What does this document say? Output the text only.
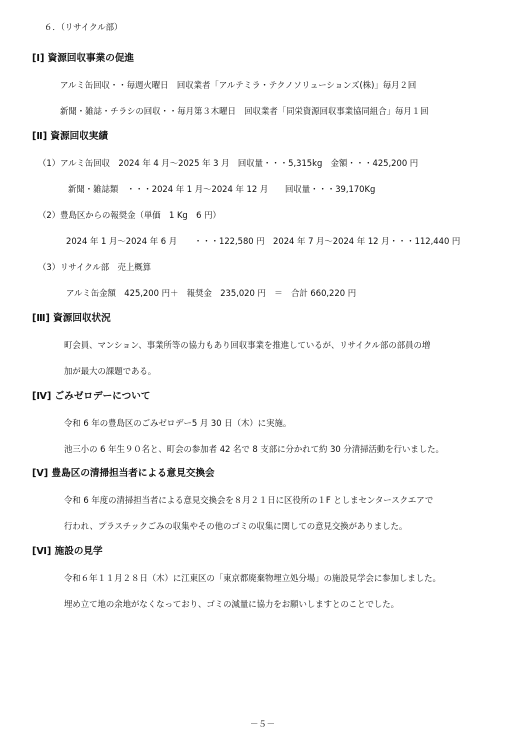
６．（リサイクル部）
[Ⅰ] 資源回収事業の促進
アルミ缶回収・・毎週火曜日　回収業者「アルテミラ・テクノソリューションズ(株)」毎月２回
新聞・雑誌・チラシの回収・・毎月第３木曜日　回収業者「同栄資源回収事業協同組合」毎月１回
[Ⅱ] 資源回収実績
（1）アルミ缶回収　2024 年 4 月～2025 年 3 月　回収量・・・5,315kg　金額・・・425,200 円
新聞・雑誌類　・・・2024 年 1 月～2024 年 12 月　　回収量・・・39,170Kg
（2）豊島区からの報奨金（単価　1 Kg　6 円）
2024 年 1 月～2024 年 6 月　　・・・122,580 円　2024 年 7 月～2024 年 12 月・・・112,440 円
（3）リサイクル部　売上概算
アルミ缶金額　425,200 円＋　報奨金　235,020 円　＝　合計 660,220 円
[Ⅲ] 資源回収状況
町会員、マンション、事業所等の協力もあり回収事業を推進しているが、リサイクル部の部員の増
加が最大の課題である。
[Ⅳ] ごみゼロデーについて
令和 6 年の豊島区のごみゼロデー5 月 30 日（木）に実施。
池三小の 6 年生９０名と、町会の参加者 42 名で 8 支部に分かれて約 30 分清掃活動を行いました。
[Ⅴ] 豊島区の清掃担当者による意見交換会
令和 6 年度の清掃担当者による意見交換会を８月２１日に区役所の１F としまセンタースクエアで
行われ、プラスチックごみの収集やその他のゴミの収集に関しての意見交換がありました。
[Ⅵ] 施設の見学
令和６年１１月２８日（木）に江東区の「東京都廃棄物埋立処分場」の施設見学会に参加しました。
埋め立て地の余地がなくなっており、ゴミの減量に協力をお願いしますとのことでした。
－５－
